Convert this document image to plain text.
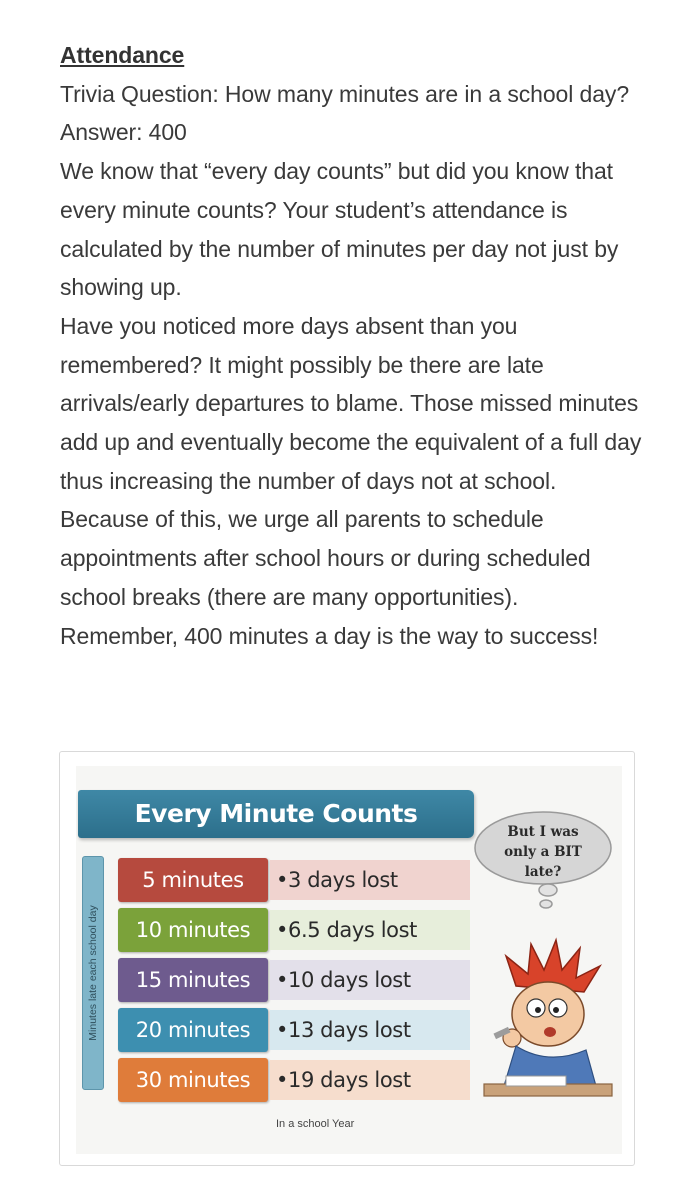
Attendance

Trivia Question: How many minutes are in a school day? Answer: 400

We know that “every day counts” but did you know that every minute counts? Your student’s attendance is calculated by the number of minutes per day not just by showing up.

Have you noticed more days absent than you remembered? It might possibly be there are late arrivals/early departures to blame. Those missed minutes add up and eventually become the equivalent of a full day thus increasing the number of days not at school. Because of this, we urge all parents to schedule appointments after school hours or during scheduled school breaks (there are many opportunities).

Remember, 400 minutes a day is the way to success!

Every Minute Counts
Minutes late each school day
5 minutes	•3 days lost
10 minutes	•6.5 days lost
15 minutes	•10 days lost
20 minutes	•13 days lost
30 minutes	•19 days lost
In a school Year
But I was
only a BIT
late?
